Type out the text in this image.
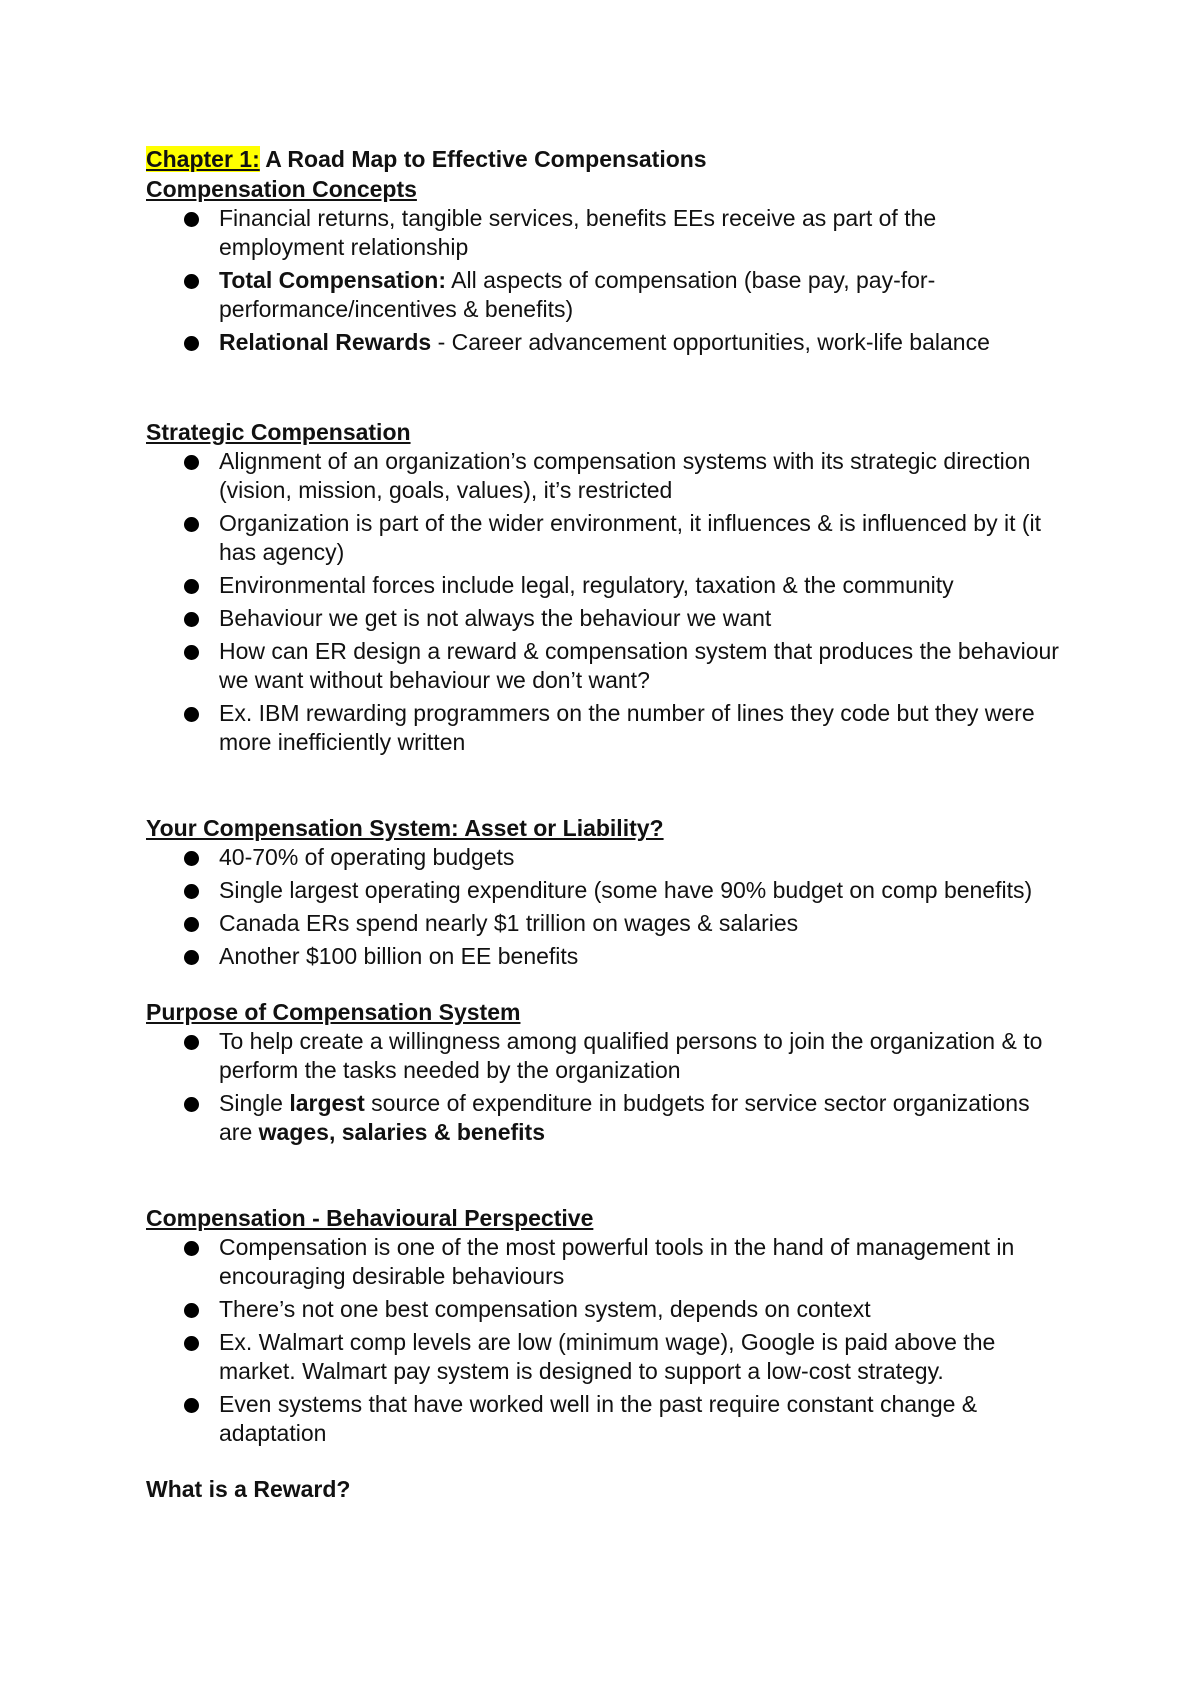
Chapter 1: A Road Map to Effective Compensations

Compensation Concepts

Financial returns, tangible services, benefits EEs receive as part of the employment relationship
Total Compensation: All aspects of compensation (base pay, pay-for-performance/incentives & benefits)
Relational Rewards - Career advancement opportunities, work-life balance

Strategic Compensation

Alignment of an organization’s compensation systems with its strategic direction (vision, mission, goals, values), it’s restricted
Organization is part of the wider environment, it influences & is influenced by it (it has agency)
Environmental forces include legal, regulatory, taxation & the community
Behaviour we get is not always the behaviour we want
How can ER design a reward & compensation system that produces the behaviour we want without behaviour we don’t want?
Ex. IBM rewarding programmers on the number of lines they code but they were more inefficiently written

Your Compensation System: Asset or Liability?

40-70% of operating budgets
Single largest operating expenditure (some have 90% budget on comp benefits)
Canada ERs spend nearly $1 trillion on wages & salaries
Another $100 billion on EE benefits

Purpose of Compensation System

To help create a willingness among qualified persons to join the organization & to perform the tasks needed by the organization
Single largest source of expenditure in budgets for service sector organizations are wages, salaries & benefits

Compensation - Behavioural Perspective

Compensation is one of the most powerful tools in the hand of management in encouraging desirable behaviours
There’s not one best compensation system, depends on context
Ex. Walmart comp levels are low (minimum wage), Google is paid above the market. Walmart pay system is designed to support a low-cost strategy.
Even systems that have worked well in the past require constant change & adaptation

What is a Reward?
